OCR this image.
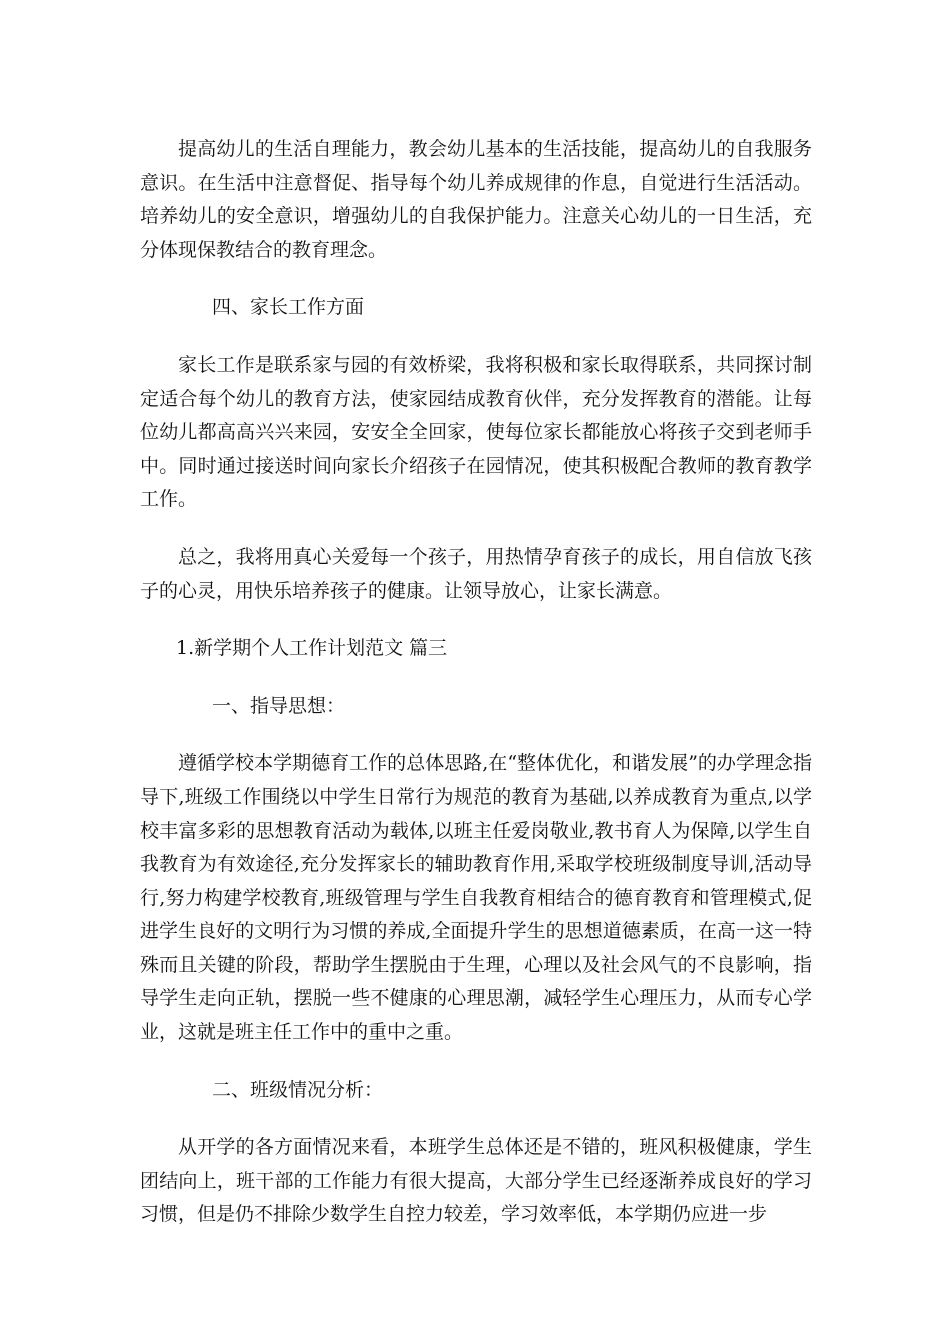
提高幼儿的生活自理能力，教会幼儿基本的生活技能，提高幼儿的自我服务意识。在生活中注意督促、指导每个幼儿养成规律的作息，自觉进行生活活动。培养幼儿的安全意识，增强幼儿的自我保护能力。注意关心幼儿的一日生活，充分体现保教结合的教育理念。

四、家长工作方面

家长工作是联系家与园的有效桥梁，我将积极和家长取得联系，共同探讨制定适合每个幼儿的教育方法，使家园结成教育伙伴，充分发挥教育的潜能。让每位幼儿都高高兴兴来园，安安全全回家，使每位家长都能放心将孩子交到老师手中。同时通过接送时间向家长介绍孩子在园情况，使其积极配合教师的教育教学工作。

总之，我将用真心关爱每一个孩子，用热情孕育孩子的成长，用自信放飞孩子的心灵，用快乐培养孩子的健康。让领导放心，让家长满意。

1.新学期个人工作计划范文 篇三

一、指导思想：

遵循学校本学期德育工作的总体思路,在“整体优化，和谐发展”的办学理念指导下,班级工作围绕以中学生日常行为规范的教育为基础,以养成教育为重点,以学校丰富多彩的思想教育活动为载体,以班主任爱岗敬业,教书育人为保障,以学生自我教育为有效途径,充分发挥家长的辅助教育作用,采取学校班级制度导训,活动导行,努力构建学校教育,班级管理与学生自我教育相结合的德育教育和管理模式,促进学生良好的文明行为习惯的养成,全面提升学生的思想道德素质，在高一这一特殊而且关键的阶段，帮助学生摆脱由于生理，心理以及社会风气的不良影响，指导学生走向正轨，摆脱一些不健康的心理思潮，减轻学生心理压力，从而专心学业，这就是班主任工作中的重中之重。

二、班级情况分析：

从开学的各方面情况来看，本班学生总体还是不错的，班风积极健康，学生团结向上，班干部的工作能力有很大提高，大部分学生已经逐渐养成良好的学习习惯，但是仍不排除少数学生自控力较差，学习效率低，本学期仍应进一步
